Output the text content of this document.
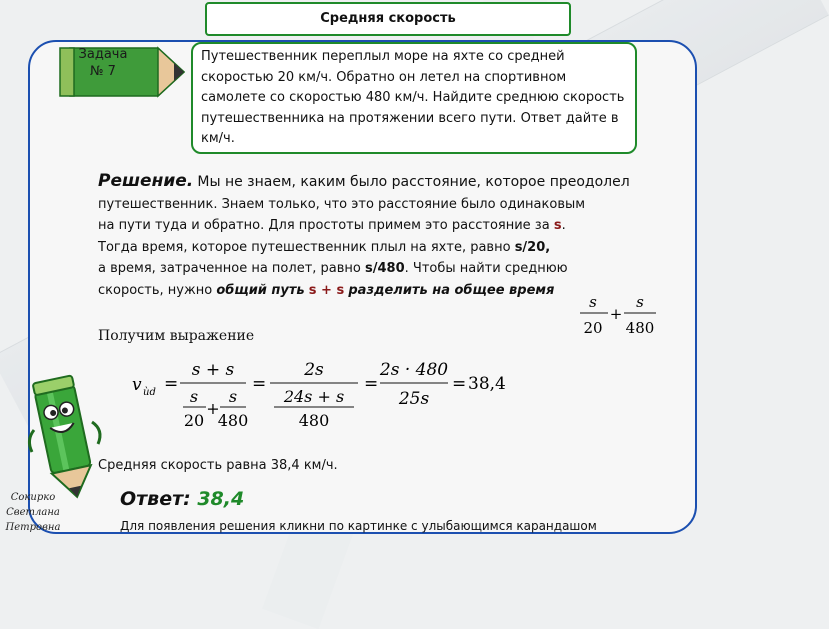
Средняя скорость
Задача
№ 7
Путешественник переплыл море на яхте со средней скоростью 20 км/ч. Обратно он летел на спортивном самолете со скоростью 480 км/ч. Найдите среднюю скорость путешественника на протяжении всего пути. Ответ дайте в км/ч.
Решение. Мы не знаем, каким было расстояние, которое преодолел
путешественник. Знаем только, что это расстояние было одинаковым
на пути туда и обратно. Для простоты примем это расстояние за s.
Тогда время, которое путешественник плыл на яхте, равно s/20,
а время, затраченное на полет, равно s/480. Чтобы найти среднюю
скорость, нужно общий путь s + s разделить на общее время
s
20
+
s
480
Получим выражение
v ѝd =
s + s
s
20
+
s
480
=
2s
24s + s
480
=
2s · 480
25s
= 38,4
Средняя скорость равна 38,4 км/ч.
Ответ: 38,4
Для появления решения кликни по картинке с улыбающимся карандашом
Сокирко
Светлана
Петровна
